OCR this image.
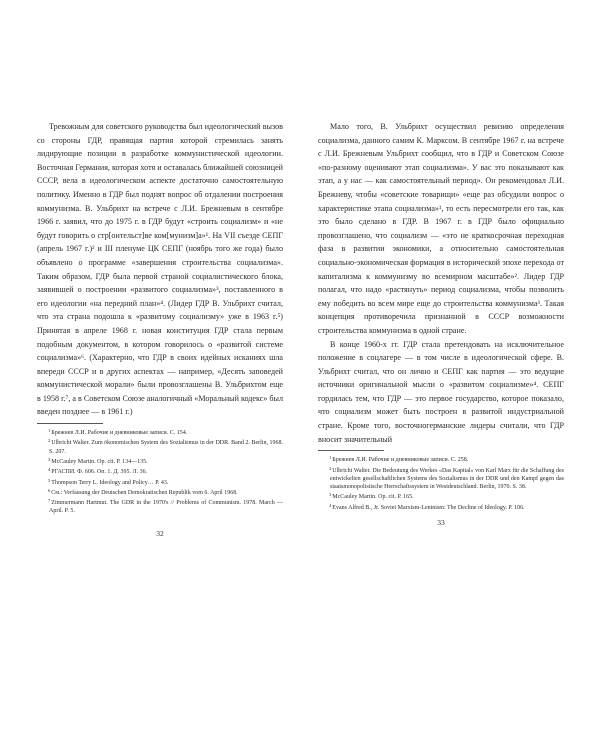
Тревожным для советского руководства был идеологический вызов со стороны ГДР, правящая партия которой стремилась занять лидирующие позиции в разработке коммунистической идеологии. Восточная Германия, которая хотя и оставалась ближайшей союзницей СССР, вела в идеологическом аспекте достаточно самостоятельную политику. Именно в ГДР был поднят вопрос об отдалении построения коммунизма. В. Ульбрихт на встрече с Л.И. Брежневым в сентябре 1966 г. заявил, что до 1975 г. в ГДР будут «строить социализм» и «не будут говорить о стр[оительст]ве ком[мунизм]а»¹. На VII съезде СЕПГ (апрель 1967 г.)² и III пленуме ЦК СЕПГ (ноябрь того же года) было объявлено о программе «завершения строительства социализма». Таким образом, ГДР была первой страной социалистического блока, заявившей о построении «развитого социализма»³, поставленного в его идеологии «на передний план»⁴. (Лидер ГДР В. Ульбрихт считал, что эта страна подошла к «развитому социализму» уже в 1963 г.⁵) Принятая в апреле 1968 г. новая конституция ГДР стала первым подобным документом, в котором говорилось о «развитой системе социализма»⁶. (Характерно, что ГДР в своих идейных исканиях шла впереди СССР и в других аспектах — например, «Десять заповедей коммунистической морали» были провозглашены В. Ульбрихтом еще в 1958 г.⁷, а в Советском Союзе аналогичный «Моральный кодекс» был введен позднее — в 1961 г.)

$^1$Брежнев Л.И. Рабочие и дневниковые записи. С. 154.

$^2$Ulbricht Walter. Zum ökonomischen System des Sozialismus in der DDR. Band 2. Berlin, 1968. S. 207.

$^3$McCauley Martin. Op. cit. P. 134—135.

$^4$РГАСПИ. Ф. 606. Оп. 1. Д. 395. Л. 36.

$^5$Thompson Terry L. Ideology and Policy… P. 43.

$^6$См.: Verfassung der Deutschen Demokratischen Republik vom 6. April 1968.

$^7$Zimmermann Hartmut. The GDR in the 1970's // Problems of Communism. 1978. March — April. P. 5.

32

Мало того, В. Ульбрихт осуществил ревизию определения социализма, данного самим К. Марксом. В сентябре 1967 г. на встрече с Л.И. Брежневым Ульбрихт сообщил, что в ГДР и Советском Союзе «по-разному оценивают этап социализма». У вас это показывают как этап, а у нас — как самостоятельный период». Он рекомендовал Л.И. Брежневу, чтобы «советские товарищи» «еще раз обсудили вопрос о характеристике этапа социализма»¹, то есть пересмотрели его так, как это было сделано в ГДР. В 1967 г. в ГДР было официально провозглашено, что социализм — «это не краткосрочная переходная фаза в развитии экономики, а относительно самостоятельная социально-экономическая формация в исторической эпохе перехода от капитализма к коммунизму во всемирном масштабе»². Лидер ГДР полагал, что надо «растянуть» период социализма, чтобы позволить ему победить во всем мире еще до строительства коммунизма³. Такая концепция противоречила признанной в СССР возможности строительства коммунизма в одной стране.

В конце 1960-х гг. ГДР стала претендовать на исключительное положение в соцлагере — в том числе в идеологической сфере. В. Ульбрихт считал, что он лично и СЕПГ как партия — это ведущие источники оригинальной мысли о «развитом социализме»⁴. СЕПГ гордилась тем, что ГДР — это первое государство, которое показало, что социализм может быть построен в развитой индустриальной стране. Кроме того, восточногерманские лидеры считали, что ГДР вносит значительный

$^1$Брежнев Л.И. Рабочие и дневниковые записи. С. 258.

$^2$Ulbricht Walter. Die Bedeutung des Werkes «Das Kapital» von Karl Marx für die Schaffung des entwickelten gesellschaftlichen Systems des Sozialismus in der DDR und den Kampf gegen das staatsmonopolistische Herrschaftssystem in Westdeutschland. Berlin, 1970. S. 38.

$^3$McCauley Martin. Op. cit. P. 165.

$^4$Evans Alfred B., Jr. Soviet Marxism-Leninism: The Decline of Ideology. P. 106.

33
